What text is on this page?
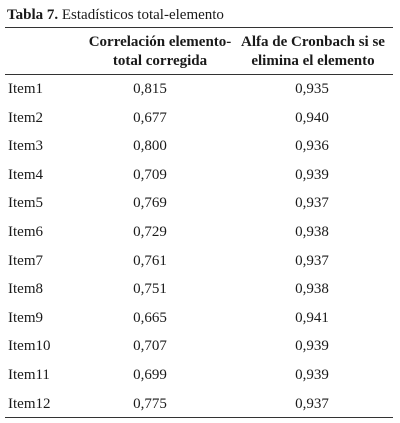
Tabla 7. Estadísticos total-elemento
Correlación elemento-
total corregida
Alfa de Cronbach si se
elimina el elemento
Item1	0,815	0,935
Item2	0,677	0,940
Item3	0,800	0,936
Item4	0,709	0,939
Item5	0,769	0,937
Item6	0,729	0,938
Item7	0,761	0,937
Item8	0,751	0,938
Item9	0,665	0,941
Item10	0,707	0,939
Item11	0,699	0,939
Item12	0,775	0,937
